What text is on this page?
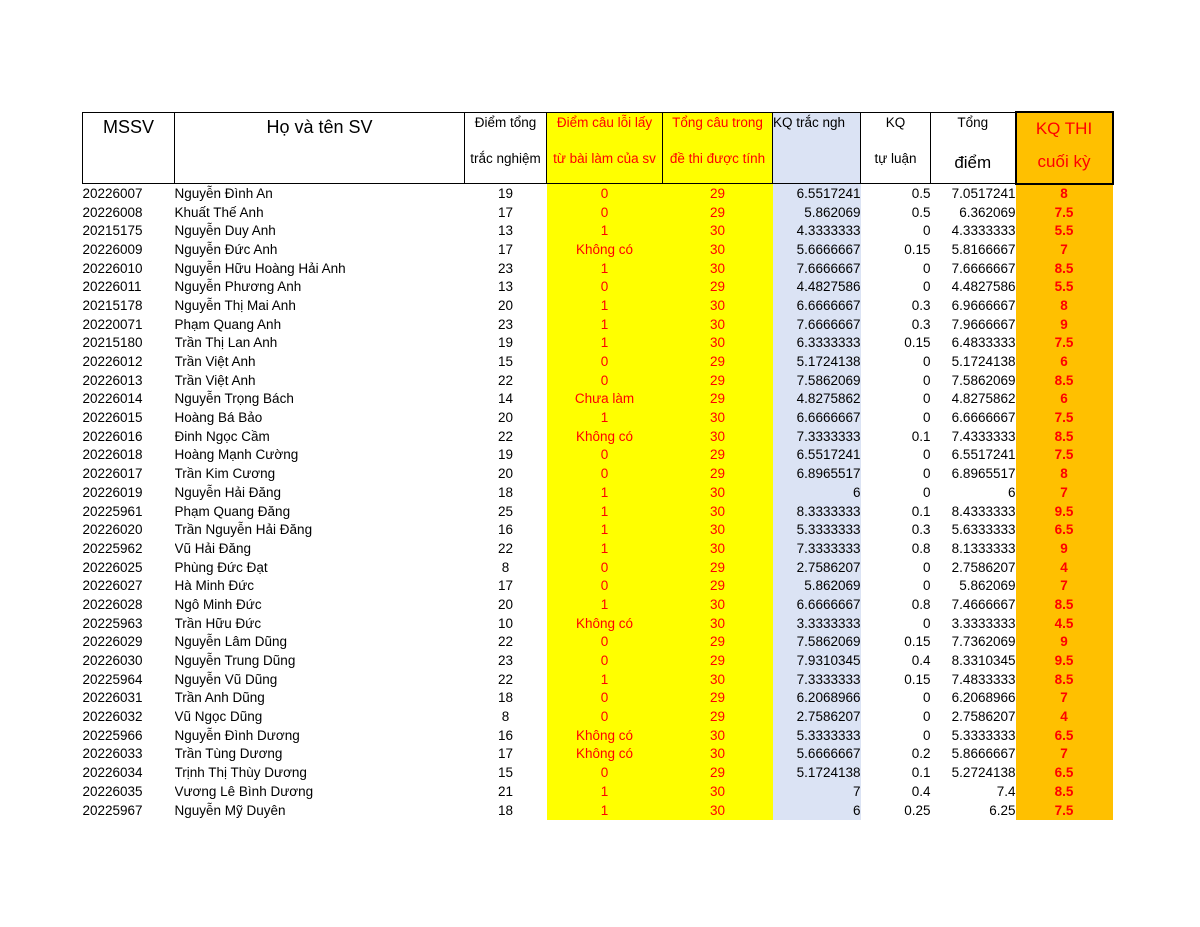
MSSV	Họ và tên SV	Điểm tổng	Điểm câu lỗi lấy	Tổng câu trong	KQ trắc ngh	KQ	Tổng	KQ THI
		trắc nghiệm	từ bài làm của sv	đề thi được tính		tự luận	điểm	cuối kỳ
20226007	Nguyễn Đình An	19	0	29	6.5517241	0.5	7.0517241	8
20226008	Khuất Thế Anh	17	0	29	5.862069	0.5	6.362069	7.5
20215175	Nguyễn Duy Anh	13	1	30	4.3333333	0	4.3333333	5.5
20226009	Nguyễn Đức Anh	17	Không có	30	5.6666667	0.15	5.8166667	7
20226010	Nguyễn Hữu Hoàng Hải Anh	23	1	30	7.6666667	0	7.6666667	8.5
20226011	Nguyễn Phương Anh	13	0	29	4.4827586	0	4.4827586	5.5
20215178	Nguyễn Thị Mai Anh	20	1	30	6.6666667	0.3	6.9666667	8
20220071	Phạm Quang Anh	23	1	30	7.6666667	0.3	7.9666667	9
20215180	Trần Thị Lan Anh	19	1	30	6.3333333	0.15	6.4833333	7.5
20226012	Trần Việt Anh	15	0	29	5.1724138	0	5.1724138	6
20226013	Trần Việt Anh	22	0	29	7.5862069	0	7.5862069	8.5
20226014	Nguyễn Trọng Bách	14	Chưa làm	29	4.8275862	0	4.8275862	6
20226015	Hoàng Bá Bảo	20	1	30	6.6666667	0	6.6666667	7.5
20226016	Đinh Ngọc Cầm	22	Không có	30	7.3333333	0.1	7.4333333	8.5
20226018	Hoàng Mạnh Cường	19	0	29	6.5517241	0	6.5517241	7.5
20226017	Trần Kim Cương	20	0	29	6.8965517	0	6.8965517	8
20226019	Nguyễn Hải Đăng	18	1	30	6	0	6	7
20225961	Phạm Quang Đăng	25	1	30	8.3333333	0.1	8.4333333	9.5
20226020	Trần Nguyễn Hải Đăng	16	1	30	5.3333333	0.3	5.6333333	6.5
20225962	Vũ Hải Đăng	22	1	30	7.3333333	0.8	8.1333333	9
20226025	Phùng Đức Đạt	8	0	29	2.7586207	0	2.7586207	4
20226027	Hà Minh Đức	17	0	29	5.862069	0	5.862069	7
20226028	Ngô Minh Đức	20	1	30	6.6666667	0.8	7.4666667	8.5
20225963	Trần Hữu Đức	10	Không có	30	3.3333333	0	3.3333333	4.5
20226029	Nguyễn Lâm Dũng	22	0	29	7.5862069	0.15	7.7362069	9
20226030	Nguyễn Trung Dũng	23	0	29	7.9310345	0.4	8.3310345	9.5
20225964	Nguyễn Vũ Dũng	22	1	30	7.3333333	0.15	7.4833333	8.5
20226031	Trần Anh Dũng	18	0	29	6.2068966	0	6.2068966	7
20226032	Vũ Ngọc Dũng	8	0	29	2.7586207	0	2.7586207	4
20225966	Nguyễn Đình Dương	16	Không có	30	5.3333333	0	5.3333333	6.5
20226033	Trần Tùng Dương	17	Không có	30	5.6666667	0.2	5.8666667	7
20226034	Trịnh Thị Thùy Dương	15	0	29	5.1724138	0.1	5.2724138	6.5
20226035	Vương Lê Bình Dương	21	1	30	7	0.4	7.4	8.5
20225967	Nguyễn Mỹ Duyên	18	1	30	6	0.25	6.25	7.5
